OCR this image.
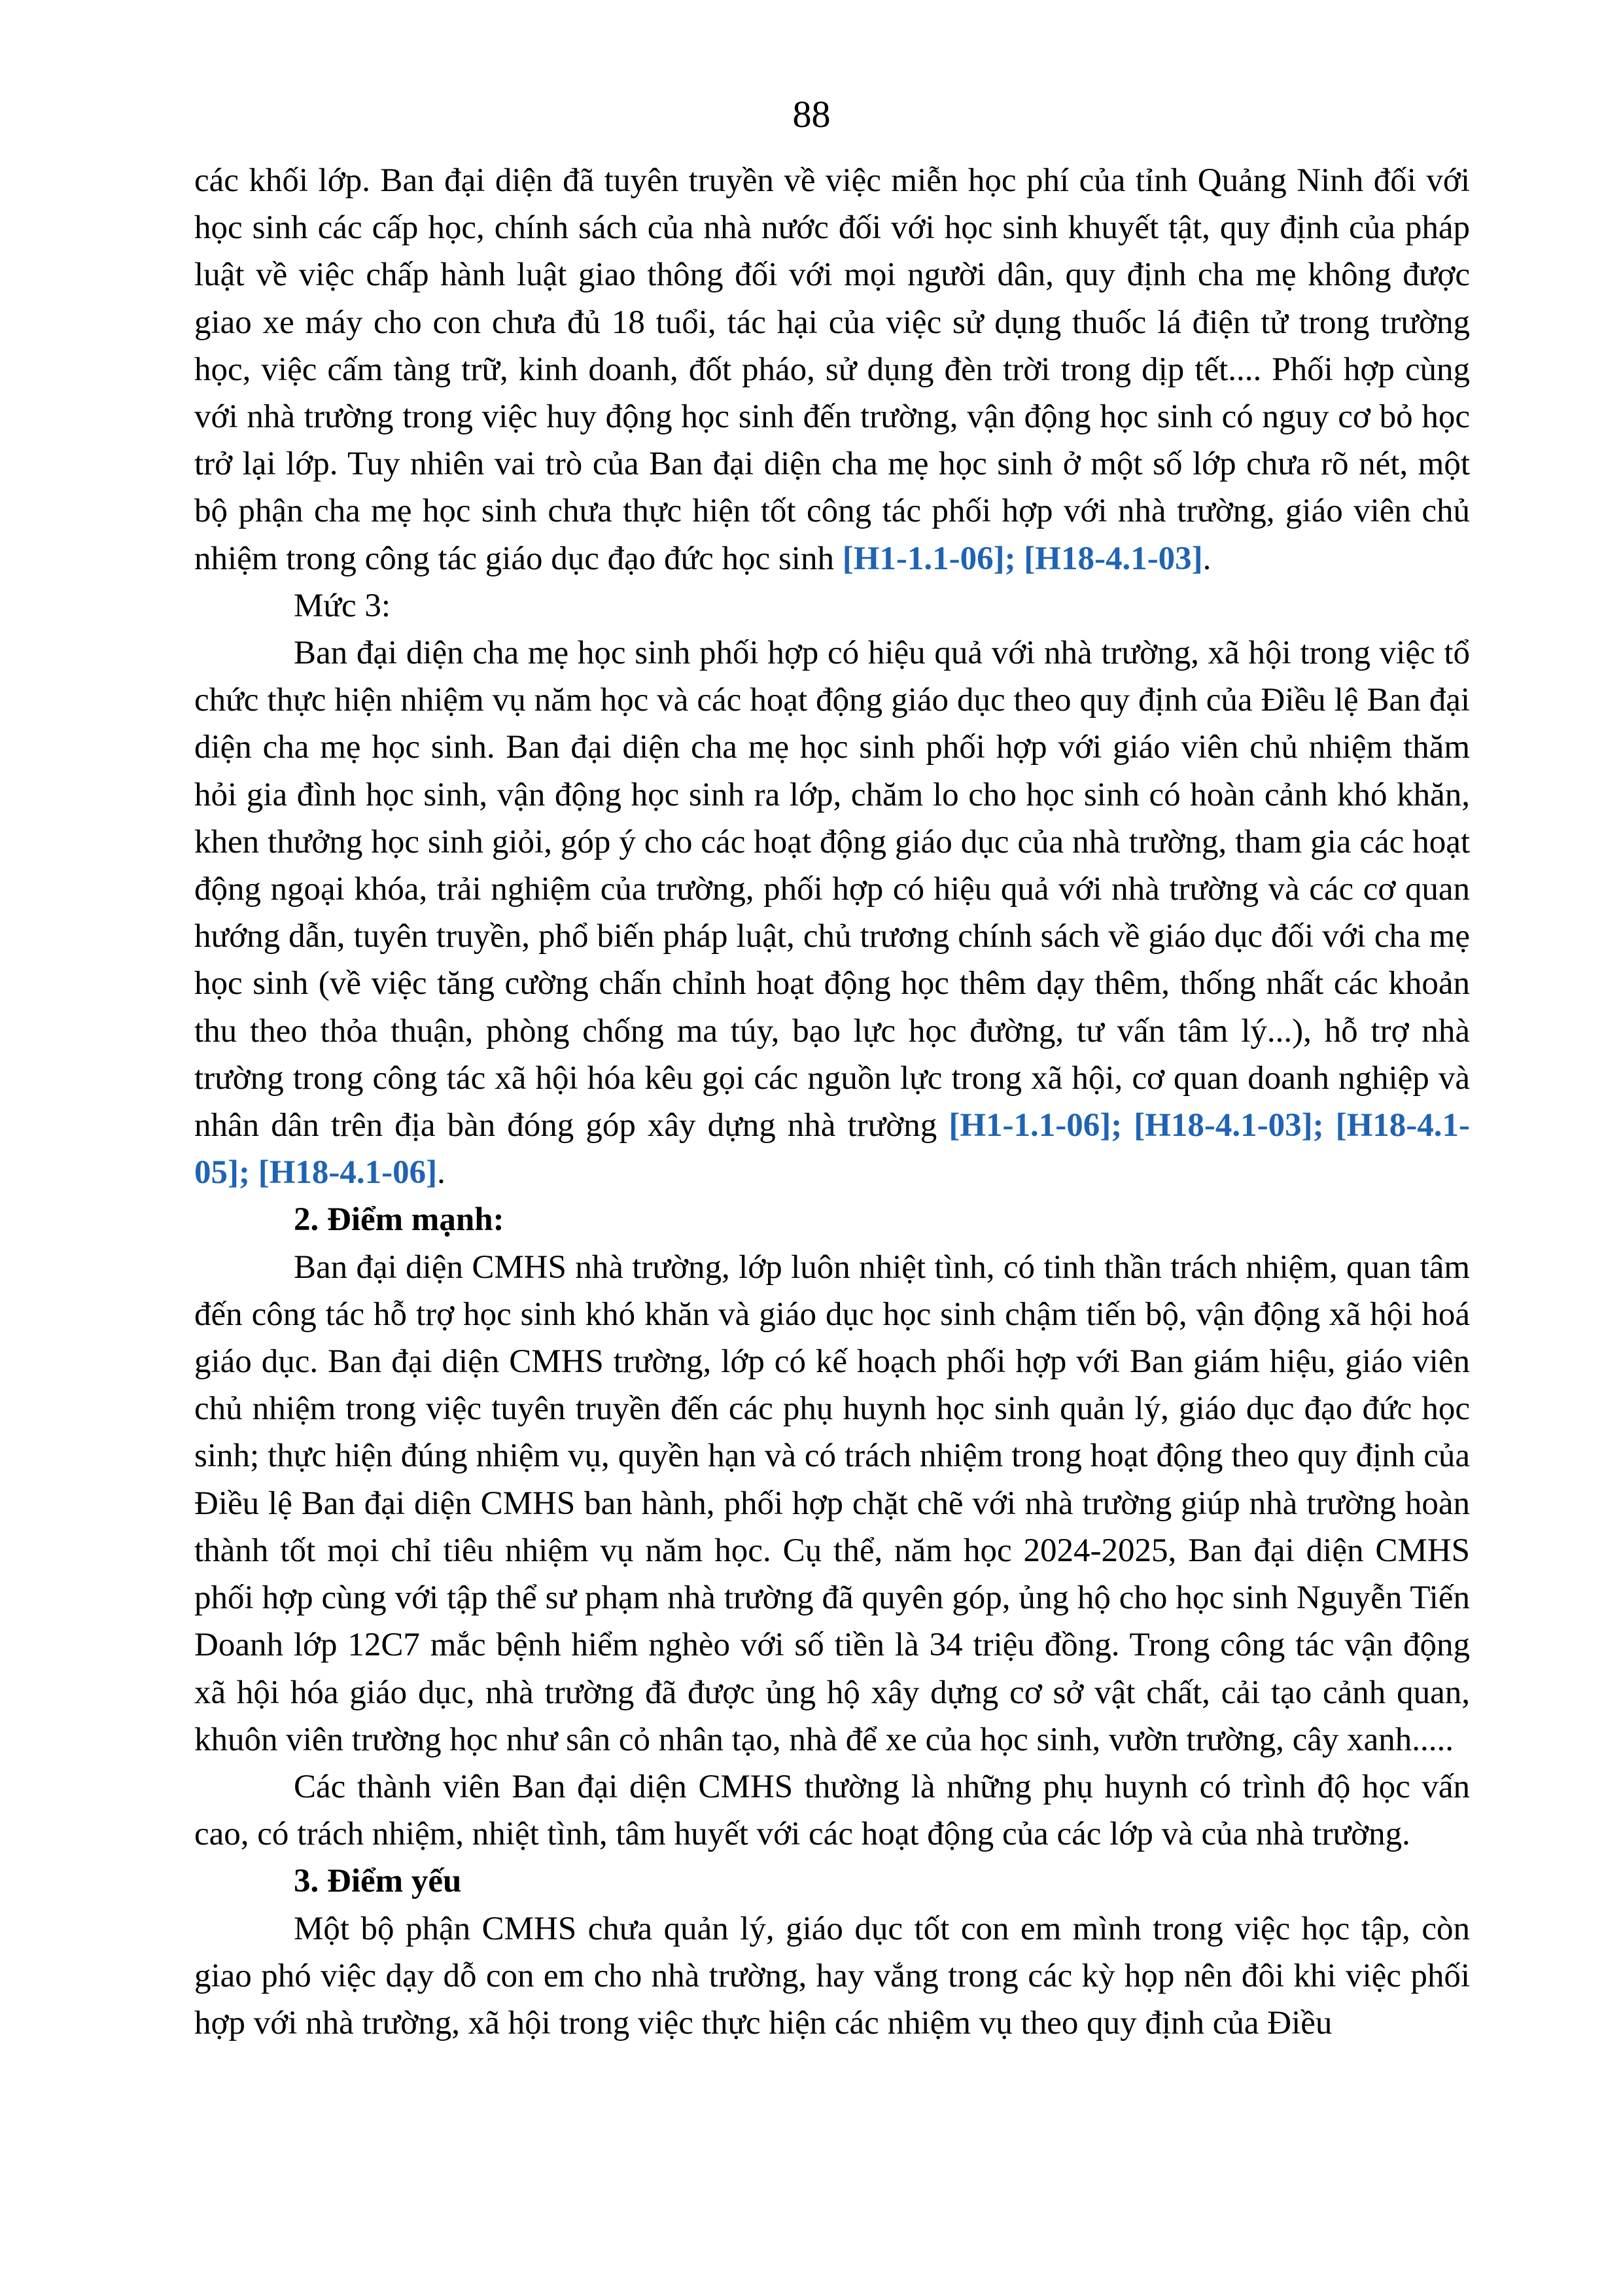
88

các khối lớp. Ban đại diện đã tuyên truyền về việc miễn học phí của tỉnh Quảng Ninh đối với học sinh các cấp học, chính sách của nhà nước đối với học sinh khuyết tật, quy định của pháp luật về việc chấp hành luật giao thông đối với mọi người dân, quy định cha mẹ không được giao xe máy cho con chưa đủ 18 tuổi, tác hại của việc sử dụng thuốc lá điện tử trong trường học, việc cấm tàng trữ, kinh doanh, đốt pháo, sử dụng đèn trời trong dịp tết.... Phối hợp cùng với nhà trường trong việc huy động học sinh đến trường, vận động học sinh có nguy cơ bỏ học trở lại lớp. Tuy nhiên vai trò của Ban đại diện cha mẹ học sinh ở một số lớp chưa rõ nét, một bộ phận cha mẹ học sinh chưa thực hiện tốt công tác phối hợp với nhà trường, giáo viên chủ nhiệm trong công tác giáo dục đạo đức học sinh [H1-1.1-06]; [H18-4.1-03].

Mức 3:

Ban đại diện cha mẹ học sinh phối hợp có hiệu quả với nhà trường, xã hội trong việc tổ chức thực hiện nhiệm vụ năm học và các hoạt động giáo dục theo quy định của Điều lệ Ban đại diện cha mẹ học sinh. Ban đại diện cha mẹ học sinh phối hợp với giáo viên chủ nhiệm thăm hỏi gia đình học sinh, vận động học sinh ra lớp, chăm lo cho học sinh có hoàn cảnh khó khăn, khen thưởng học sinh giỏi, góp ý cho các hoạt động giáo dục của nhà trường, tham gia các hoạt động ngoại khóa, trải nghiệm của trường, phối hợp có hiệu quả với nhà trường và các cơ quan hướng dẫn, tuyên truyền, phổ biến pháp luật, chủ trương chính sách về giáo dục đối với cha mẹ học sinh (về việc tăng cường chấn chỉnh hoạt động học thêm dạy thêm, thống nhất các khoản thu theo thỏa thuận, phòng chống ma túy, bạo lực học đường, tư vấn tâm lý...), hỗ trợ nhà trường trong công tác xã hội hóa kêu gọi các nguồn lực trong xã hội, cơ quan doanh nghiệp và nhân dân trên địa bàn đóng góp xây dựng nhà trường [H1-1.1-06]; [H18-4.1-03]; [H18-4.1-05]; [H18-4.1-06].

2. Điểm mạnh:

Ban đại diện CMHS nhà trường, lớp luôn nhiệt tình, có tinh thần trách nhiệm, quan tâm đến công tác hỗ trợ học sinh khó khăn và giáo dục học sinh chậm tiến bộ, vận động xã hội hoá giáo dục. Ban đại diện CMHS trường, lớp có kế hoạch phối hợp với Ban giám hiệu, giáo viên chủ nhiệm trong việc tuyên truyền đến các phụ huynh học sinh quản lý, giáo dục đạo đức học sinh; thực hiện đúng nhiệm vụ, quyền hạn và có trách nhiệm trong hoạt động theo quy định của Điều lệ Ban đại diện CMHS ban hành, phối hợp chặt chẽ với nhà trường giúp nhà trường hoàn thành tốt mọi chỉ tiêu nhiệm vụ năm học. Cụ thể, năm học 2024-2025, Ban đại diện CMHS phối hợp cùng với tập thể sư phạm nhà trường đã quyên góp, ủng hộ cho học sinh Nguyễn Tiến Doanh lớp 12C7 mắc bệnh hiểm nghèo với số tiền là 34 triệu đồng. Trong công tác vận động xã hội hóa giáo dục, nhà trường đã được ủng hộ xây dựng cơ sở vật chất, cải tạo cảnh quan, khuôn viên trường học như sân cỏ nhân tạo, nhà để xe của học sinh, vườn trường, cây xanh.....

Các thành viên Ban đại diện CMHS thường là những phụ huynh có trình độ học vấn cao, có trách nhiệm, nhiệt tình, tâm huyết với các hoạt động của các lớp và của nhà trường.

3. Điểm yếu

Một bộ phận CMHS chưa quản lý, giáo dục tốt con em mình trong việc học tập, còn giao phó việc dạy dỗ con em cho nhà trường, hay vắng trong các kỳ họp nên đôi khi việc phối hợp với nhà trường, xã hội trong việc thực hiện các nhiệm vụ theo quy định của Điều
